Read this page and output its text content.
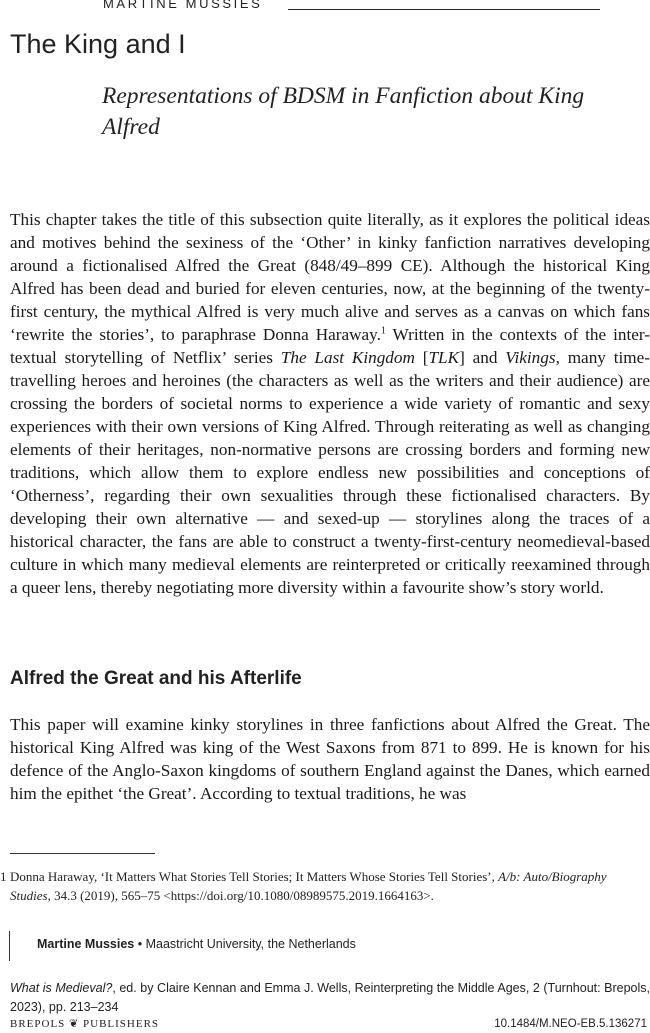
MARTINE MUSSIES
The King and I
Representations of BDSM in Fanfiction about King Alfred

This chapter takes the title of this subsection quite literally, as it explores the political ideas and motives behind the sexiness of the ‘Other’ in kinky fanfiction narratives developing around a fictionalised Alfred the Great (848/49–899 CE). Although the historical King Alfred has been dead and buried for eleven centuries, now, at the beginning of the twenty-first century, the mythical Alfred is very much alive and serves as a canvas on which fans ‘rewrite the stories’, to paraphrase Donna Haraway.$^1$ Written in the contexts of the inter-textual storytelling of Netflix’ series The Last Kingdom [TLK] and Vikings, many time-travelling heroes and heroines (the characters as well as the writers and their audience) are crossing the borders of societal norms to experience a wide variety of romantic and sexy experiences with their own versions of King Alfred. Through reiterating as well as changing elements of their heritages, non-normative persons are crossing borders and forming new traditions, which allow them to explore endless new possibilities and conceptions of ‘Otherness’, regarding their own sexualities through these fictionalised characters. By developing their own alternative — and sexed-up — storylines along the traces of a historical character, the fans are able to construct a twenty-first-century neomedieval-based culture in which many medieval elements are reinterpreted or critically reexamined through a queer lens, thereby negotiating more diversity within a favourite show’s story world.

Alfred the Great and his Afterlife

This paper will examine kinky storylines in three fanfictions about Alfred the Great. The historical King Alfred was king of the West Saxons from 871 to 899. He is known for his defence of the Anglo-Saxon kingdoms of southern England against the Danes, which earned him the epithet ‘the Great’. According to textual traditions, he was

1 Donna Haraway, ‘It Matters What Stories Tell Stories; It Matters Whose Stories Tell Stories’, A/b: Auto/Biography Studies, 34.3 (2019), 565–75 <https://doi.org/10.1080/08989575.2019.1664163>.
Martine Mussies • Maastricht University, the Netherlands
What is Medieval?, ed. by Claire Kennan and Emma J. Wells, Reinterpreting the Middle Ages, 2 (Turnhout: Brepols, 2023), pp. 213–234
BREPOLS ❦ PUBLISHERS	10.1484/M.NEO-EB.5.136271
